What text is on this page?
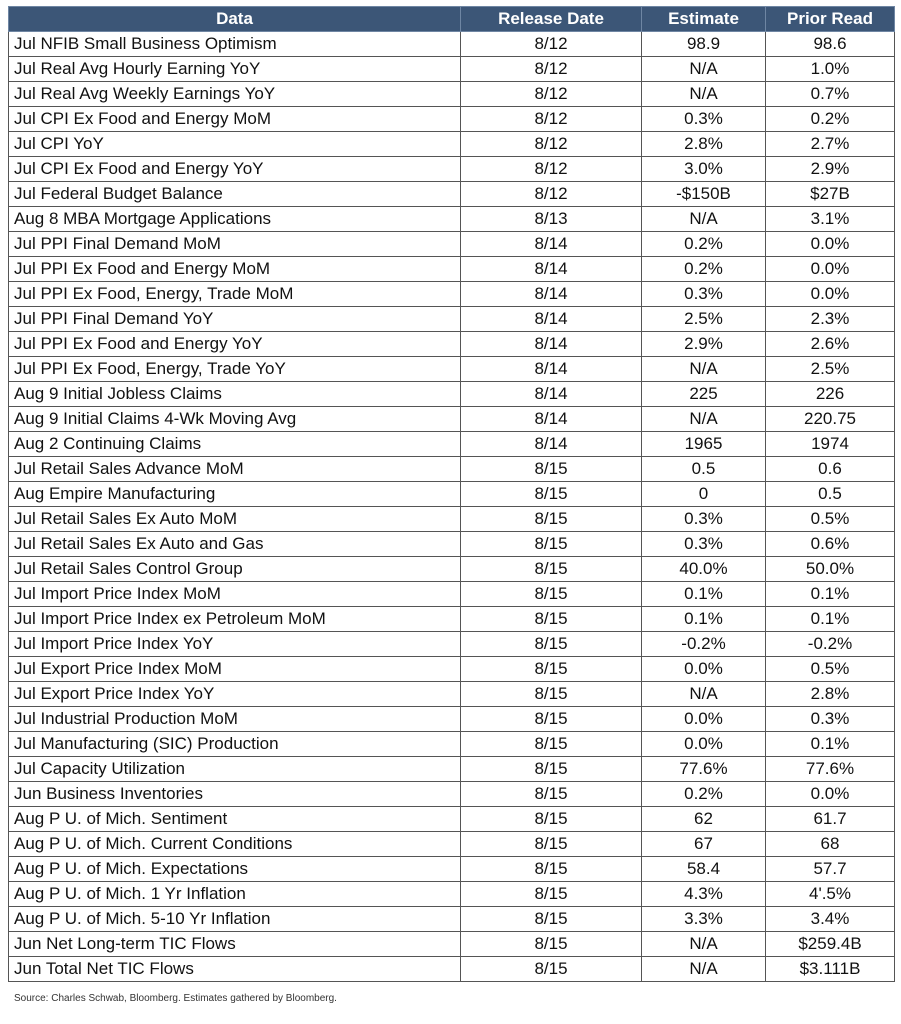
Data	Release Date	Estimate	Prior Read
Jul NFIB Small Business Optimism	8/12	98.9	98.6
Jul Real Avg Hourly Earning YoY	8/12	N/A	1.0%
Jul Real Avg Weekly Earnings YoY	8/12	N/A	0.7%
Jul CPI Ex Food and Energy MoM	8/12	0.3%	0.2%
Jul CPI YoY	8/12	2.8%	2.7%
Jul CPI Ex Food and Energy YoY	8/12	3.0%	2.9%
Jul Federal Budget Balance	8/12	-$150B	$27B
Aug 8 MBA Mortgage Applications	8/13	N/A	3.1%
Jul PPI Final Demand MoM	8/14	0.2%	0.0%
Jul PPI Ex Food and Energy MoM	8/14	0.2%	0.0%
Jul PPI Ex Food, Energy, Trade MoM	8/14	0.3%	0.0%
Jul PPI Final Demand YoY	8/14	2.5%	2.3%
Jul PPI Ex Food and Energy YoY	8/14	2.9%	2.6%
Jul PPI Ex Food, Energy, Trade YoY	8/14	N/A	2.5%
Aug 9 Initial Jobless Claims	8/14	225	226
Aug 9 Initial Claims 4-Wk Moving Avg	8/14	N/A	220.75
Aug 2 Continuing Claims	8/14	1965	1974
Jul Retail Sales Advance MoM	8/15	0.5	0.6
Aug Empire Manufacturing	8/15	0	0.5
Jul Retail Sales Ex Auto MoM	8/15	0.3%	0.5%
Jul Retail Sales Ex Auto and Gas	8/15	0.3%	0.6%
Jul Retail Sales Control Group	8/15	40.0%	50.0%
Jul Import Price Index MoM	8/15	0.1%	0.1%
Jul Import Price Index ex Petroleum MoM	8/15	0.1%	0.1%
Jul Import Price Index YoY	8/15	-0.2%	-0.2%
Jul Export Price Index MoM	8/15	0.0%	0.5%
Jul Export Price Index YoY	8/15	N/A	2.8%
Jul Industrial Production MoM	8/15	0.0%	0.3%
Jul Manufacturing (SIC) Production	8/15	0.0%	0.1%
Jul Capacity Utilization	8/15	77.6%	77.6%
Jun Business Inventories	8/15	0.2%	0.0%
Aug P U. of Mich. Sentiment	8/15	62	61.7
Aug P U. of Mich. Current Conditions	8/15	67	68
Aug P U. of Mich. Expectations	8/15	58.4	57.7
Aug P U. of Mich. 1 Yr Inflation	8/15	4.3%	4'.5%
Aug P U. of Mich. 5-10 Yr Inflation	8/15	3.3%	3.4%
Jun Net Long-term TIC Flows	8/15	N/A	$259.4B
Jun Total Net TIC Flows	8/15	N/A	$3.111B
Source: Charles Schwab, Bloomberg. Estimates gathered by Bloomberg.
